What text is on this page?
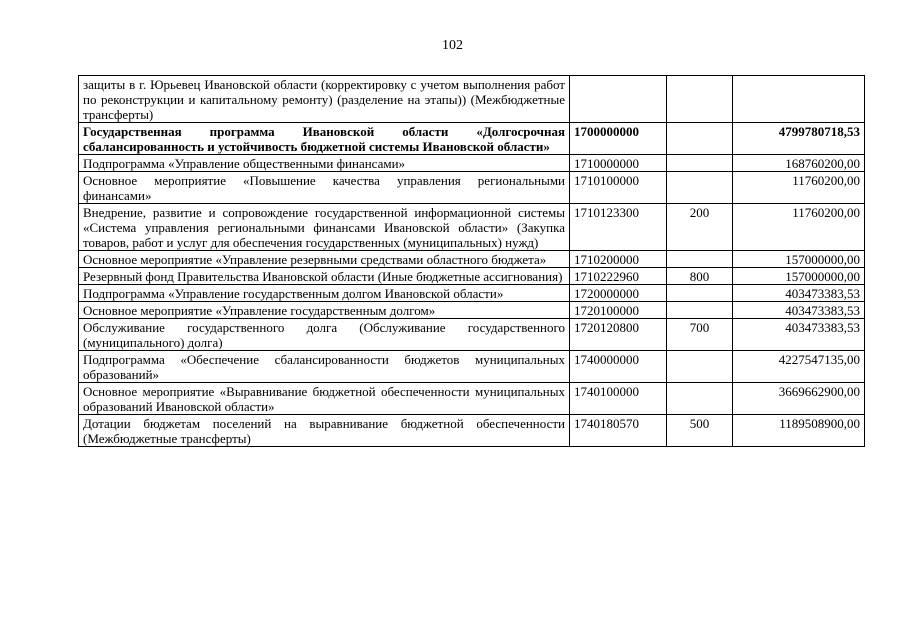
102
защиты в г. Юрьевец Ивановской области (корректировку с учетом выполнения работ по реконструкции и капитальному ремонту) (разделение на этапы)) (Межбюджетные трансферты)			
Государственная программа Ивановской области «Долгосрочная сбалансированность и устойчивость бюджетной системы Ивановской области»	1700000000		4799780718,53
Подпрограмма «Управление общественными финансами»	1710000000		168760200,00
Основное мероприятие «Повышение качества управления региональными финансами»	1710100000		11760200,00
Внедрение, развитие и сопровождение государственной информационной системы «Система управления региональными финансами Ивановской области» (Закупка товаров, работ и услуг для обеспечения государственных (муниципальных) нужд)	1710123300	200	11760200,00
Основное мероприятие «Управление резервными средствами областного бюджета»	1710200000		157000000,00
Резервный фонд Правительства Ивановской области (Иные бюджетные ассигнования)	1710222960	800	157000000,00
Подпрограмма «Управление государственным долгом Ивановской области»	1720000000		403473383,53
Основное мероприятие «Управление государственным долгом»	1720100000		403473383,53
Обслуживание государственного долга (Обслуживание государственного (муниципального) долга)	1720120800	700	403473383,53
Подпрограмма «Обеспечение сбалансированности бюджетов муниципальных образований»	1740000000		4227547135,00
Основное мероприятие «Выравнивание бюджетной обеспеченности муниципальных образований Ивановской области»	1740100000		3669662900,00
Дотации бюджетам поселений на выравнивание бюджетной обеспеченности (Межбюджетные трансферты)	1740180570	500	1189508900,00
